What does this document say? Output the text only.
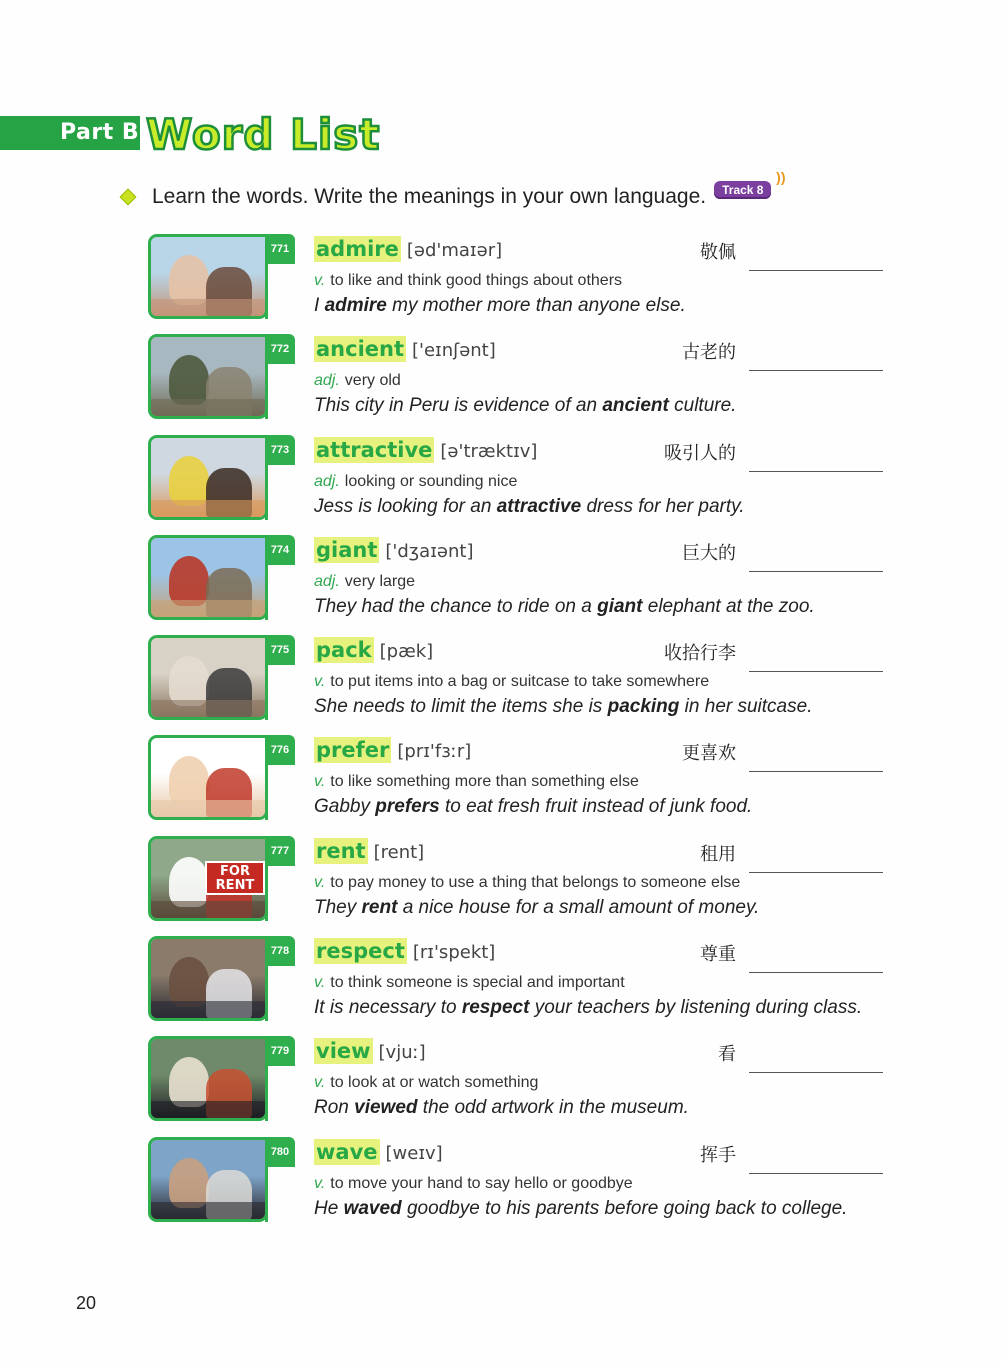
Part B Word List
Learn the words. Write the meanings in your own language.	Track 8
))
771 admire [əd'maɪər]	敬佩
v. to like and think good things about others
I admire my mother more than anyone else.
772 ancient ['eɪnʃənt]	古老的
adj. very old
This city in Peru is evidence of an ancient culture.
773 attractive [ə'træktɪv]	吸引人的
adj. looking or sounding nice
Jess is looking for an attractive dress for her party.
774 giant ['dʒaɪənt]	巨大的
adj. very large
They had the chance to ride on a giant elephant at the zoo.
775 pack [pæk]	收拾行李
v. to put items into a bag or suitcase to take somewhere
She needs to limit the items she is packing in her suitcase.
776 prefer [prɪ'fɜːr]	更喜欢
v. to like something more than something else
Gabby prefers to eat fresh fruit instead of junk food.
FOR
RENT
777 rent [rent]	租用
v. to pay money to use a thing that belongs to someone else
They rent a nice house for a small amount of money.
778 respect [rɪ'spekt]	尊重
v. to think someone is special and important
It is necessary to respect your teachers by listening during class.
779 view [vjuː]	看
v. to look at or watch something
Ron viewed the odd artwork in the museum.
780 wave [weɪv]	挥手
v. to move your hand to say hello or goodbye
He waved goodbye to his parents before going back to college.
20
